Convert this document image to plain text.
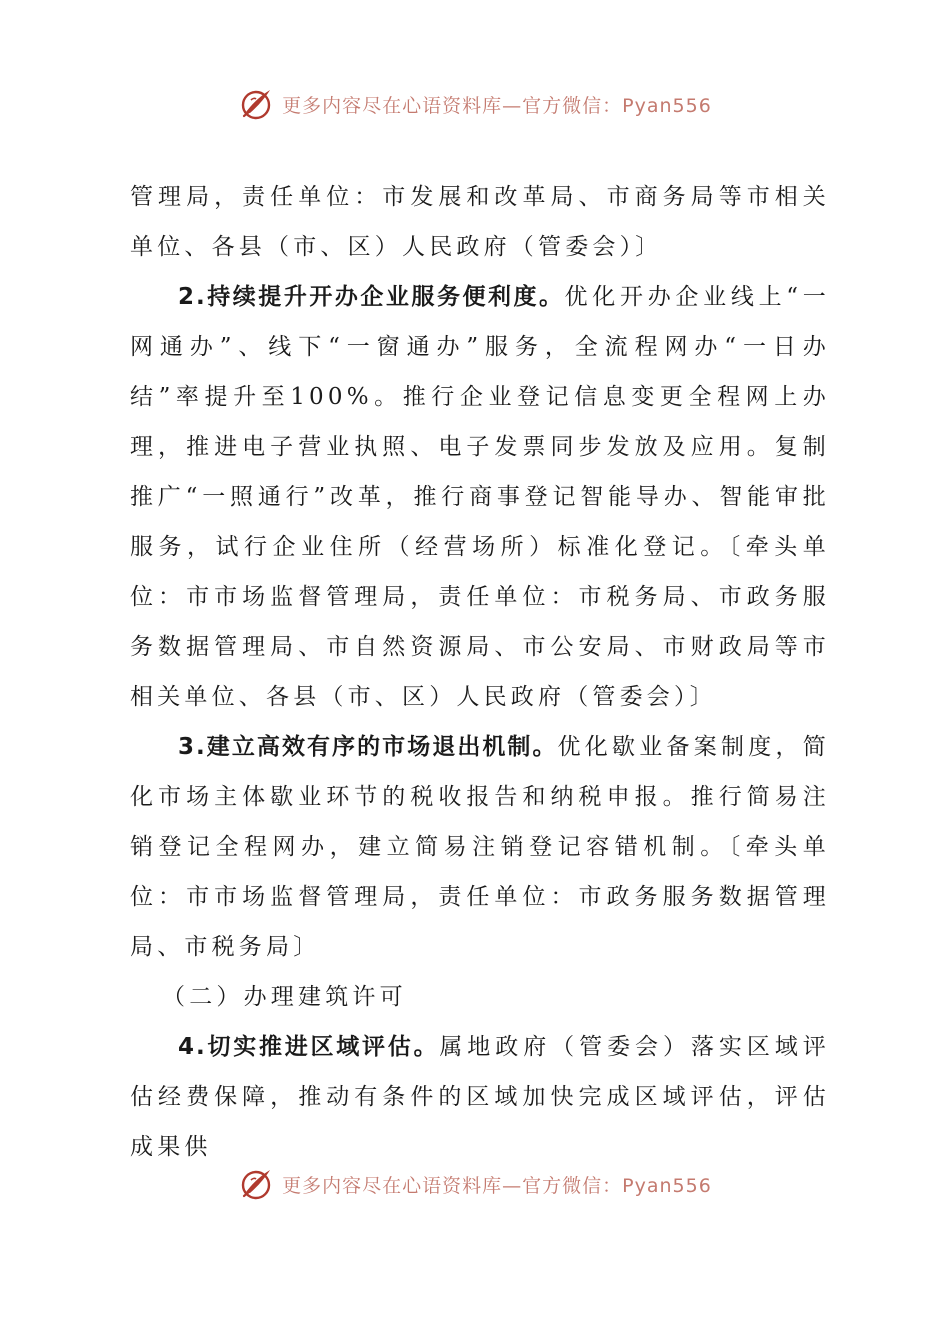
更多内容尽在心语资料库—官方微信：Pyan556

管理局，责任单位：市发展和改革局、市商务局等市相关单位、各县（市、区）人民政府（管委会）〕

2.持续提升开办企业服务便利度。优化开办企业线上“一网通办”、线下“一窗通办”服务，全流程网办“一日办结”率提升至100%。推行企业登记信息变更全程网上办理，推进电子营业执照、电子发票同步发放及应用。复制推广“一照通行”改革，推行商事登记智能导办、智能审批服务，试行企业住所（经营场所）标准化登记。〔牵头单位：市市场监督管理局，责任单位：市税务局、市政务服务数据管理局、市自然资源局、市公安局、市财政局等市相关单位、各县（市、区）人民政府（管委会）〕

3.建立高效有序的市场退出机制。优化歇业备案制度，简化市场主体歇业环节的税收报告和纳税申报。推行简易注销登记全程网办，建立简易注销登记容错机制。〔牵头单位：市市场监督管理局，责任单位：市政务服务数据管理局、市税务局〕

（二）办理建筑许可

4.切实推进区域评估。属地政府（管委会）落实区域评估经费保障，推动有条件的区域加快完成区域评估，评估成果供

更多内容尽在心语资料库—官方微信：Pyan556
